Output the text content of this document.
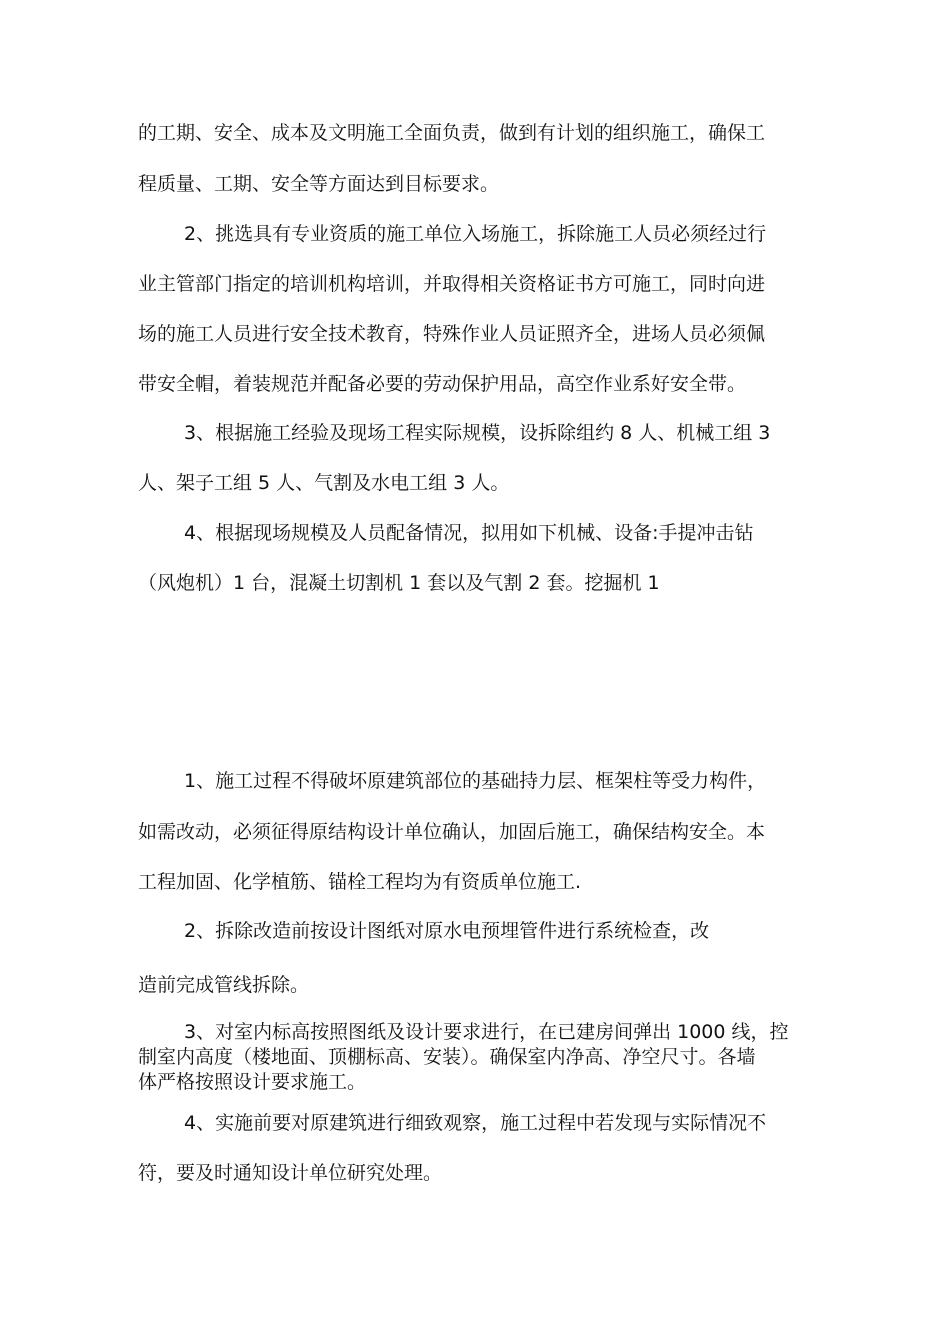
的工期、安全、成本及文明施工全面负责，做到有计划的组织施工，确保工
程质量、工期、安全等方面达到目标要求。
2、挑选具有专业资质的施工单位入场施工，拆除施工人员必须经过行
业主管部门指定的培训机构培训，并取得相关资格证书方可施工，同时向进
场的施工人员进行安全技术教育，特殊作业人员证照齐全，进场人员必须佩
带安全帽，着装规范并配备必要的劳动保护用品，高空作业系好安全带。
3、根据施工经验及现场工程实际规模，设拆除组约 8 人、机械工组 3
人、架子工组 5 人、气割及水电工组 3 人。
4、根据现场规模及人员配备情况，拟用如下机械、设备:手提冲击钻
（风炮机）1 台，混凝土切割机 1 套以及气割 2 套。挖掘机 1
1、施工过程不得破坏原建筑部位的基础持力层、框架柱等受力构件，
如需改动，必须征得原结构设计单位确认，加固后施工，确保结构安全。本
工程加固、化学植筋、锚栓工程均为有资质单位施工.
2、拆除改造前按设计图纸对原水电预埋管件进行系统检查，改
造前完成管线拆除。
3、对室内标高按照图纸及设计要求进行，在已建房间弹出 1000 线，控
制室内高度（楼地面、顶棚标高、安装）。确保室内净高、净空尺寸。各墙
体严格按照设计要求施工。
4、实施前要对原建筑进行细致观察，施工过程中若发现与实际情况不
符，要及时通知设计单位研究处理。
